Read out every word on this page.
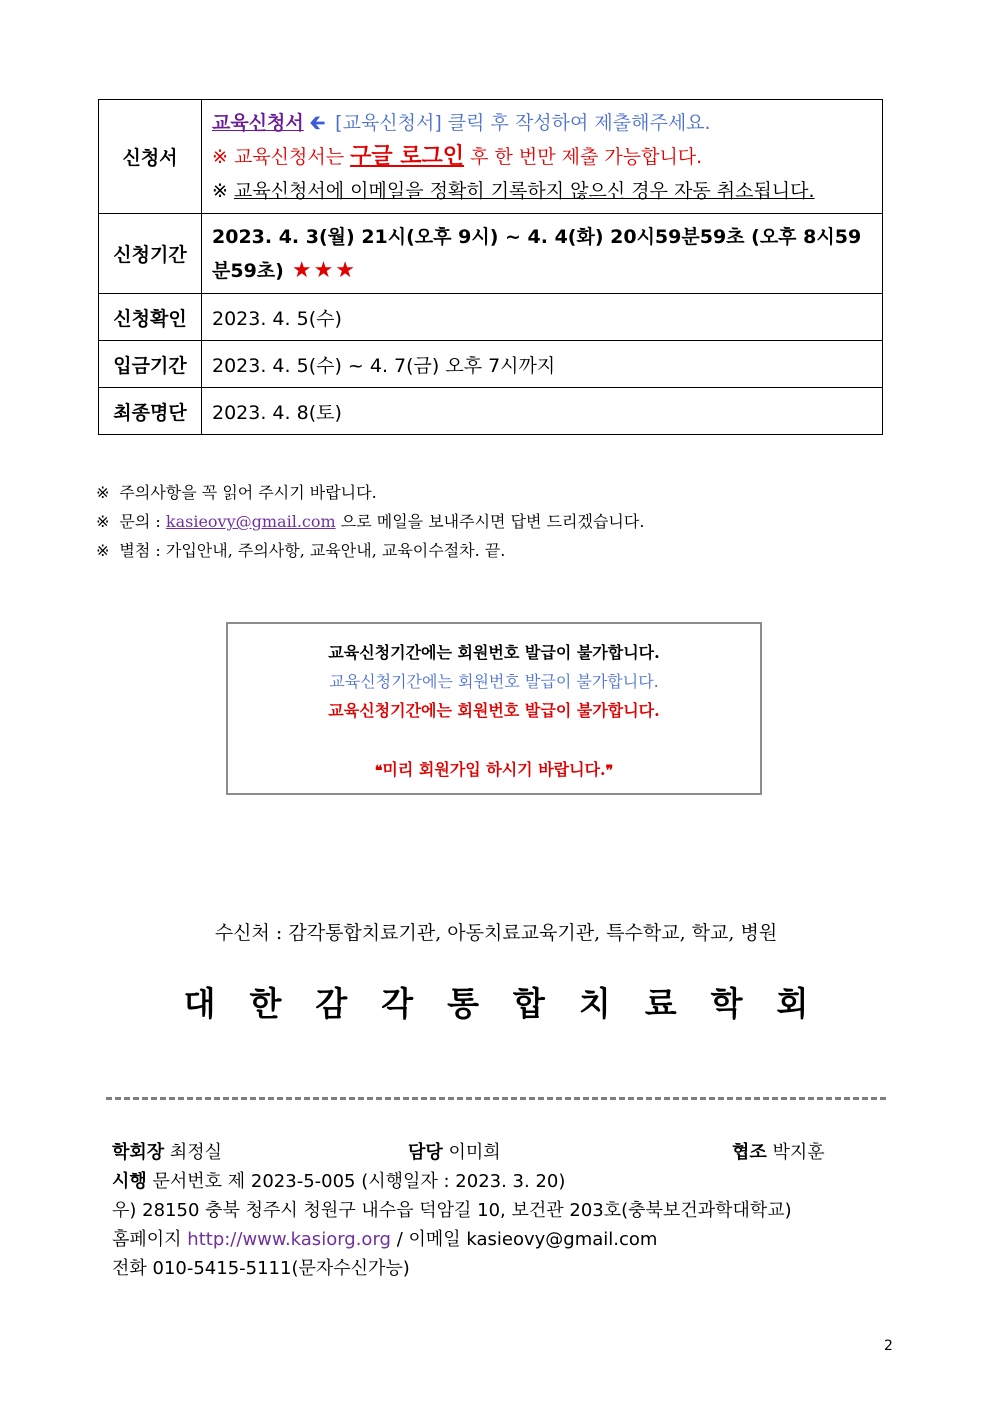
신청서	교육신청서 🡰 [교육신청서] 클릭 후 작성하여 제출해주세요.
※ 교육신청서는 구글 로그인 후 한 번만 제출 가능합니다.
※ 교육신청서에 이메일을 정확히 기록하지 않으신 경우 자동 취소됩니다.

신청기간	2023. 4. 3(월) 21시(오후 9시) ~ 4. 4(화) 20시59분59초 (오후 8시59
분59초) ★★★

신청확인	2023. 4. 5(수)
입금기간	2023. 4. 5(수) ~ 4. 7(금) 오후 7시까지
최종명단	2023. 4. 8(토)
※ 주의사항을 꼭 읽어 주시기 바랍니다.
※ 문의 : kasieovy@gmail.com 으로 메일을 보내주시면 답변 드리겠습니다.
※ 별첨 : 가입안내, 주의사항, 교육안내, 교육이수절차. 끝.
교육신청기간에는 회원번호 발급이 불가합니다.
교육신청기간에는 회원번호 발급이 불가합니다.
교육신청기간에는 회원번호 발급이 불가합니다.
❝미리 회원가입 하시기 바랍니다.❞
수신처 : 감각통합치료기관, 아동치료교육기관, 특수학교, 학교, 병원
대한감각통합치료학회
학회장 최정실	담당 이미희	협조 박지훈
시행 문서번호 제 2023-5-005 (시행일자 : 2023. 3. 20)
우) 28150 충북 청주시 청원구 내수읍 덕암길 10, 보건관 203호(충북보건과학대학교)
홈페이지 http://www.kasiorg.org / 이메일 kasieovy@gmail.com
전화 010-5415-5111(문자수신가능)
2
